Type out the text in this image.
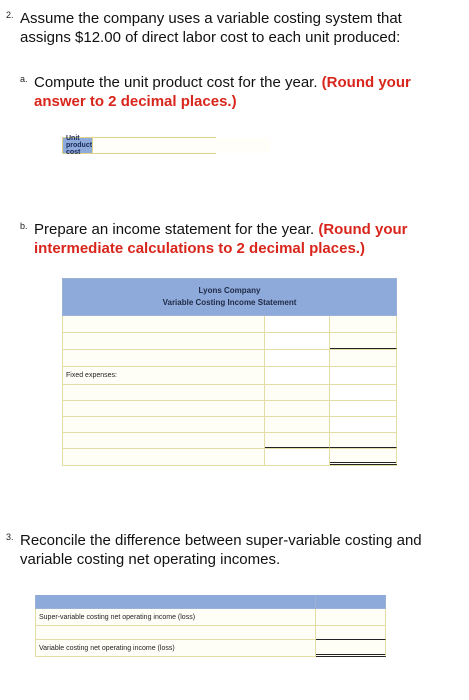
2. Assume the company uses a variable costing system that assigns $12.00 of direct labor cost to each unit produced:
a. Compute the unit product cost for the year. (Round your answer to 2 decimal places.)
Unit product cost
b. Prepare an income statement for the year. (Round your intermediate calculations to 2 decimal places.)
Lyons Company
Variable Costing Income Statement
Fixed expenses:
3. Reconcile the difference between super-variable costing and variable costing net operating incomes.
Super-variable costing net operating income (loss)
Variable costing net operating income (loss)
